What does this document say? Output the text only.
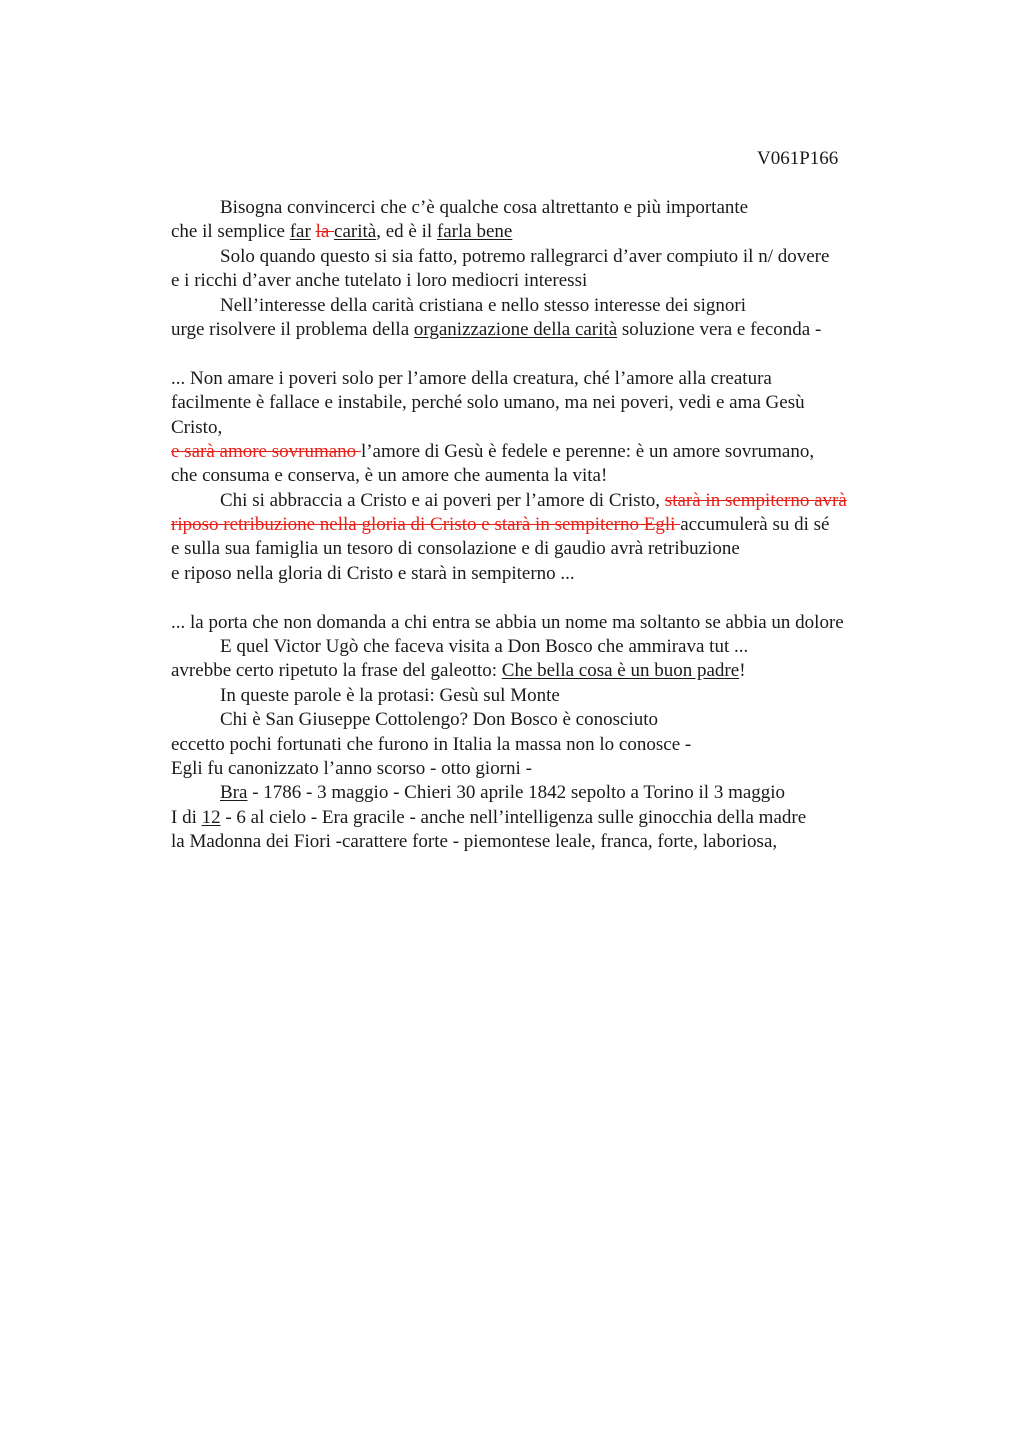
V061P166
Bisogna convincerci che c’è qualche cosa altrettanto e più importante
che il semplice far la carità, ed è il farla bene
Solo quando questo si sia fatto, potremo rallegrarci d’aver compiuto il n/ dovere
e i ricchi d’aver anche tutelato i loro mediocri interessi
Nell’interesse della carità cristiana e nello stesso interesse dei signori
urge risolvere il problema della organizzazione della carità soluzione vera e feconda -
... Non amare i poveri solo per l’amore della creatura, ché l’amore alla creatura
facilmente è fallace e instabile, perché solo umano, ma nei poveri, vedi e ama Gesù
Cristo,
e sarà amore sovrumano l’amore di Gesù è fedele e perenne: è un amore sovrumano,
che consuma e conserva, è un amore che aumenta la vita!
Chi si abbraccia a Cristo e ai poveri per l’amore di Cristo, starà in sempiterno avrà
riposo retribuzione nella gloria di Cristo e starà in sempiterno Egli accumulerà su di sé
e sulla sua famiglia un tesoro di consolazione e di gaudio avrà retribuzione
e riposo nella gloria di Cristo e starà in sempiterno ...
... la porta che non domanda a chi entra se abbia un nome ma soltanto se abbia un dolore
E quel Victor Ugò che faceva visita a Don Bosco che ammirava tut ...
avrebbe certo ripetuto la frase del galeotto: Che bella cosa è un buon padre!
In queste parole è la protasi: Gesù sul Monte
Chi è San Giuseppe Cottolengo? Don Bosco è conosciuto
eccetto pochi fortunati che furono in Italia la massa non lo conosce -
Egli fu canonizzato l’anno scorso - otto giorni -
Bra - 1786 - 3 maggio - Chieri 30 aprile 1842 sepolto a Torino il 3 maggio
I di 12 - 6 al cielo - Era gracile - anche nell’intelligenza sulle ginocchia della madre
la Madonna dei Fiori -carattere forte - piemontese leale, franca, forte, laboriosa,
